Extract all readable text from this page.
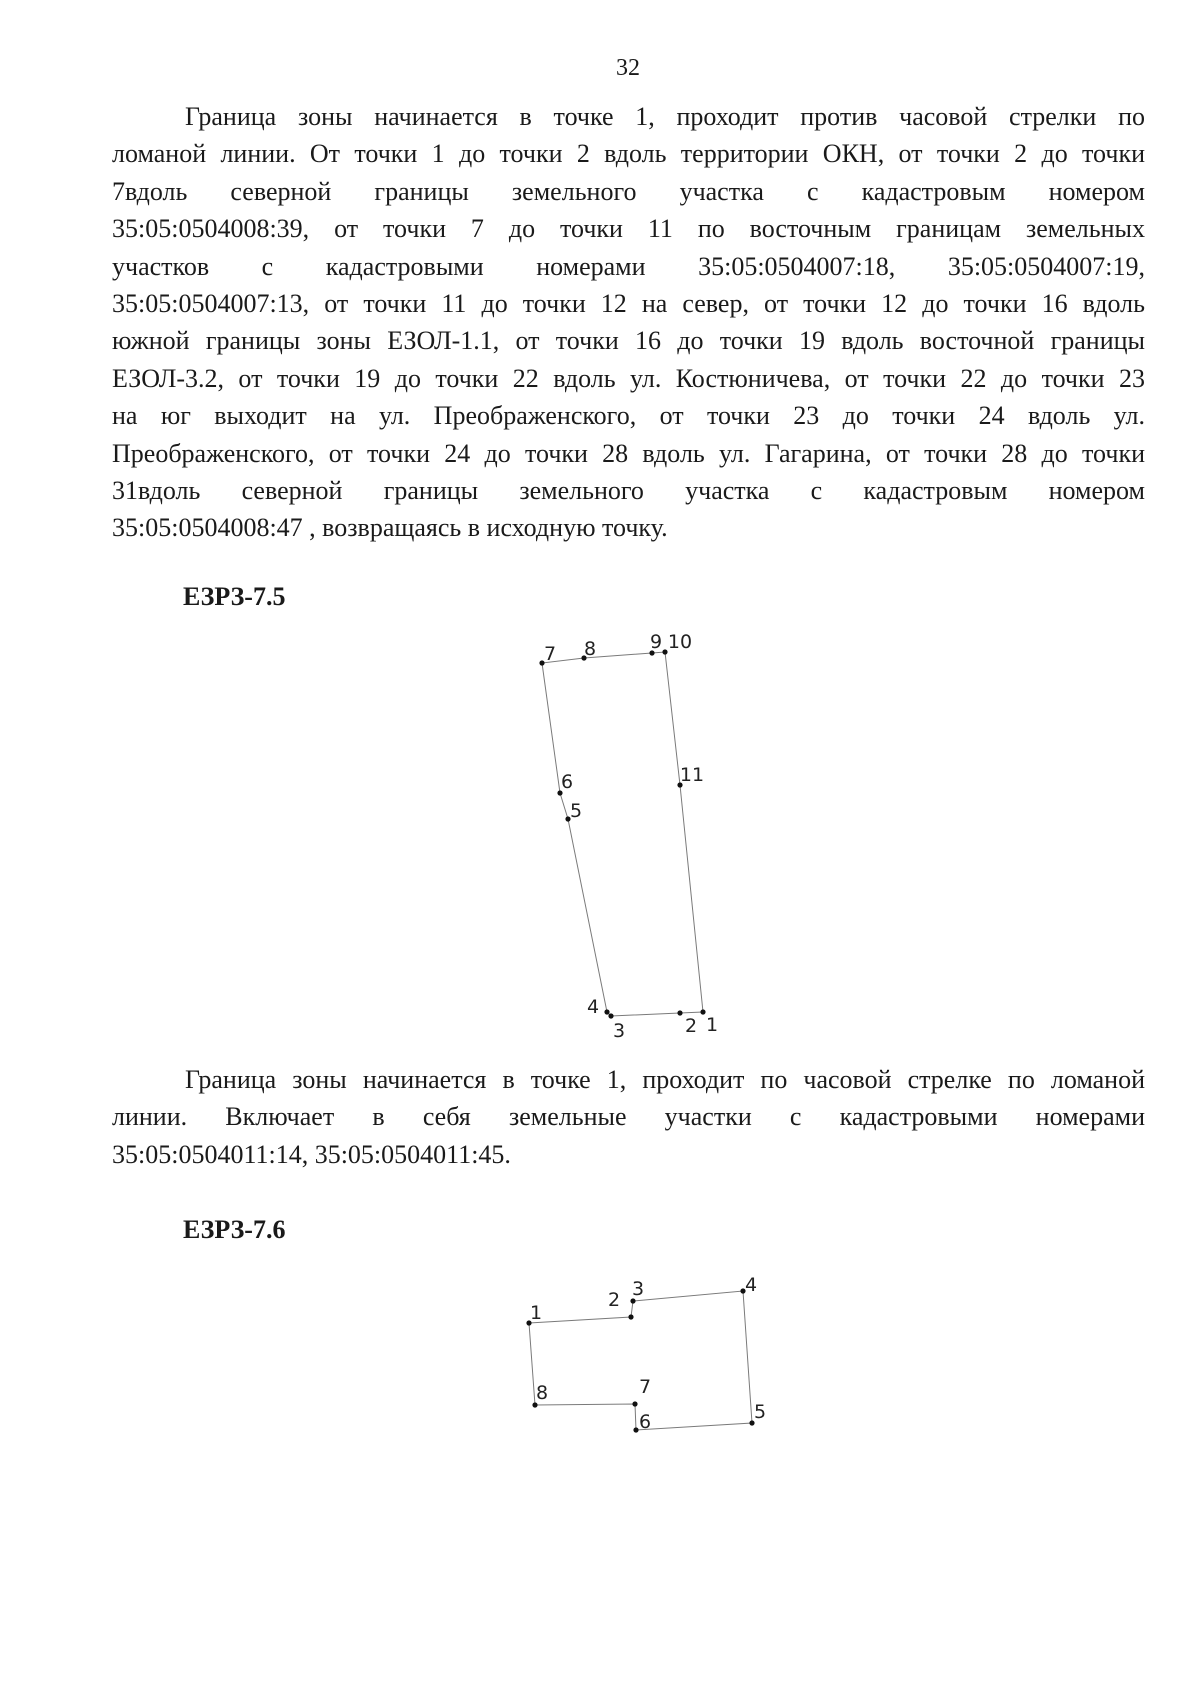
32
Граница зоны начинается в точке 1, проходит против часовой стрелки по
ломаной линии. От точки 1 до точки 2 вдоль территории ОКН, от точки 2 до точки
7вдоль северной границы земельного участка с кадастровым номером
35:05:0504008:39, от точки 7 до точки 11 по восточным границам земельных
участков с кадастровыми номерами 35:05:0504007:18, 35:05:0504007:19,
35:05:0504007:13, от точки 11 до точки 12 на север, от точки 12 до точки 16 вдоль
южной границы зоны ЕЗОЛ-1.1, от точки 16 до точки 19 вдоль восточной границы
ЕЗОЛ-3.2, от точки 19 до точки 22 вдоль ул. Костюничева, от точки 22 до точки 23
на юг выходит на ул. Преображенского, от точки 23 до точки 24 вдоль ул.
Преображенского, от точки 24 до точки 28 вдоль ул. Гагарина, от точки 28 до точки
31вдоль северной границы земельного участка с кадастровым номером
35:05:0504008:47 , возвращаясь в исходную точку.
ЕЗРЗ-7.5
1
2
3
4
5
6
7 8	9 10
11
Граница зоны начинается в точке 1, проходит по часовой стрелке по ломаной
линии. Включает в себя земельные участки с кадастровыми номерами
35:05:0504011:14, 35:05:0504011:45.
ЕЗРЗ-7.6
1
2 3	4
5
6
7
8
